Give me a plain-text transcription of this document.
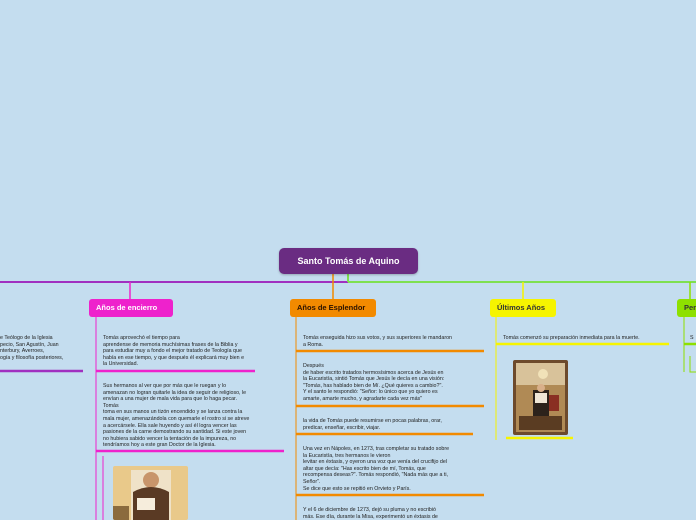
Santo Tomás de Aquino
Años de encierro	Años de Esplendor	Últimos Años	Per
e Teólogo de la Iglesia
pecio, San Agustín, Juan
nterbury, Averroes,
ogía y filosofía posteriores,
Tomás aprovechó el tiempo para
aprendense de memoria muchísimas frases de la Biblia y
para estudiar muy a fondo el mejor tratado de Teología que
había en ese tiempo, y que después él explicará muy bien e
la Universidad.
Sus hermanos al ver que por más que le ruegan y lo
amenazan no logran quitarle la idea de seguir de religioso, le
envían a una mujer de mala vida para que lo haga pecar.
Tomás
toma en sus manos un tizón encendido y se lanza contra la
mala mujer, amenazándola con quemarle el rostro si se atreve
a acercársele. Ella sale huyendo y así él logra vencer las
pasiones de la carne demostrando su santidad. Si este joven
no hubiera sabido vencer la tentación de la impureza, no
tendríamos hoy a este gran Doctor de la Iglesia.
Tomás enseguida hizo sus votos, y sus superiores le mandaron
a Roma.
Después
de haber escrito tratados hermosísimos acerca de Jesús en
la Eucaristía, sintió Tomás que Jesús le decía en una visión:
"Tomás, has hablado bien de Mí. ¿Qué quieres a cambio?".
Y el santo le respondió: "Señor: lo único que yo quiero es
amarte, amarte mucho, y agradarte cada vez más"
la vida de Tomás puede resumirse en pocas palabras, orar,
predicar, enseñar, escribir, viajar.
Una vez en Nápoles, en 1273, tras completar su tratado sobre
la Eucaristía, tres hermanos le vieron
levitar en éxtasis, y oyeron una voz que venía del crucifijo del
altar que decía: "Has escrito bien de mí, Tomás, que
recompensa deseas?". Tomás respondió, "Nada más que a ti,
Señor".
Se dice que esto se repitió en Orvieto y París.
Y el 6 de diciembre de 1273, dejó su pluma y no escribió
más. Ese día, durante la Misa, experimentó un éxtasis de
Tomás comenzó su preparación inmediata para la muerte.	S
